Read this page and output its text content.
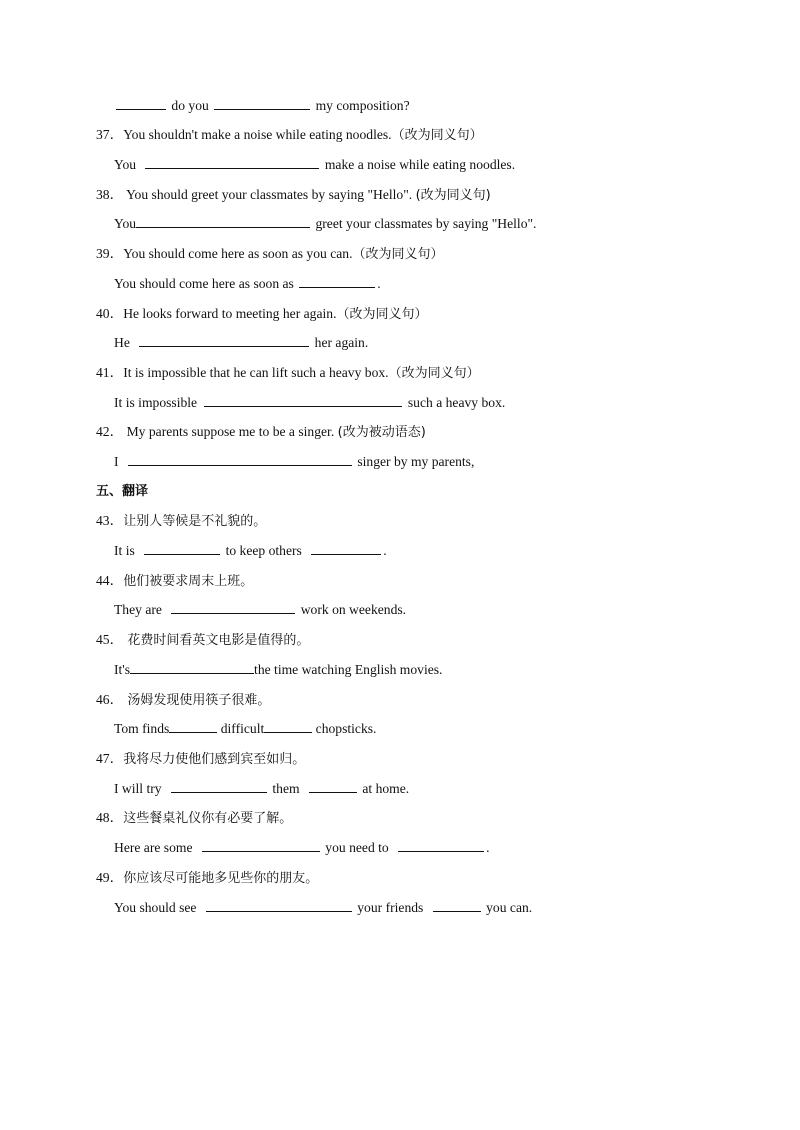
do you	my composition?
37．You shouldn't make a noise while eating noodles.（改为同义句）
You	make a noise while eating noodles.
38． You should greet your classmates by saying "Hello". (改为同义句)
You	greet your classmates by saying "Hello".
39．You should come here as soon as you can.（改为同义句）
You should come here as soon as	.
40．He looks forward to meeting her again.（改为同义句）
He	her again.
41．It is impossible that he can lift such a heavy box.（改为同义句）
It is impossible	such a heavy box.
42． My parents suppose me to be a singer. (改为被动语态)
I	singer by my parents,
五、翻译
43．让别人等候是不礼貌的。
It is	to keep others	.
44．他们被要求周末上班。
They are	work on weekends.
45． 花费时间看英文电影是值得的。
It's	the time watching English movies.
46． 汤姆发现使用筷子很难。
Tom finds	difficult	chopsticks.
47．我将尽力使他们感到宾至如归。
I will try	them	at home.
48．这些餐桌礼仪你有必要了解。
Here are some	you need to	.
49．你应该尽可能地多见些你的朋友。
You should see	your friends	you can.
